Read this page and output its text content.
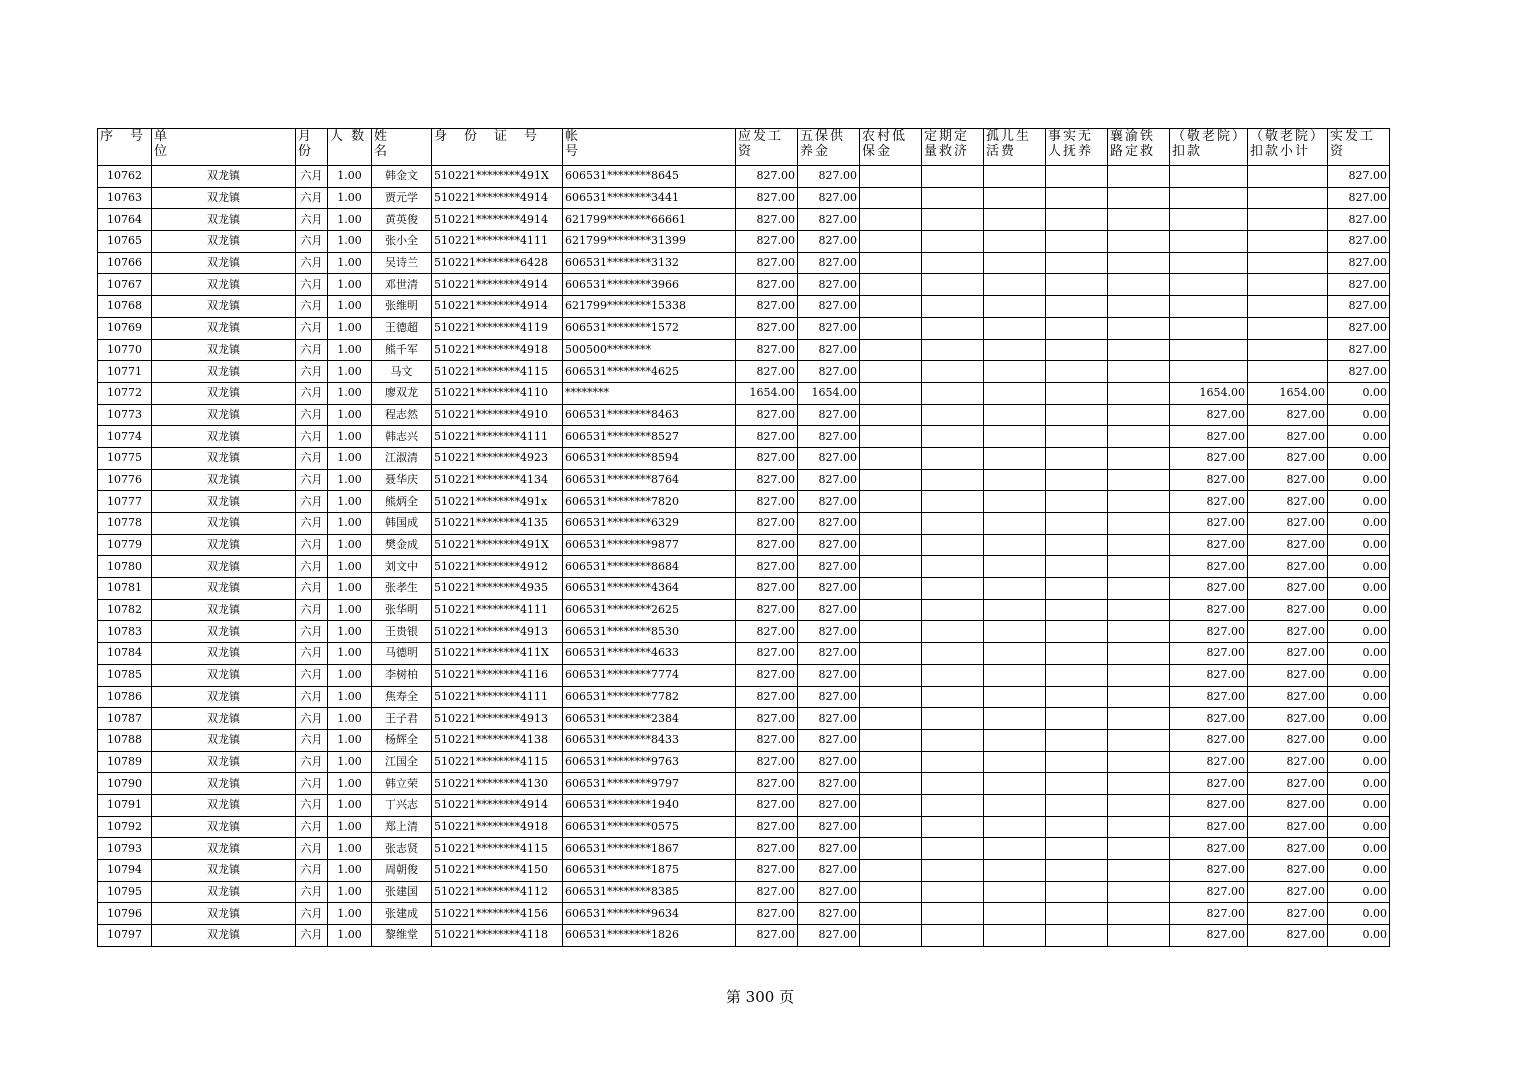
序　号	单　　　　　　　　位	月份	人 数	姓　　名	身　份　证　号	帐　　　　　　　　　　号	应发工资	五保供养金	农村低保金	定期定量救济	孤儿生活费	事实无人抚养	襄渝铁路定救	（敬老院）扣款	（敬老院）扣款小计	实发工资
10762	双龙镇	六月	1.00	韩金文	510221********491X	606531********8645	827.00	827.00								827.00
10763	双龙镇	六月	1.00	贾元学	510221********4914	606531********3441	827.00	827.00								827.00
10764	双龙镇	六月	1.00	黄英俊	510221********4914	621799********66661	827.00	827.00								827.00
10765	双龙镇	六月	1.00	张小全	510221********4111	621799********31399	827.00	827.00								827.00
10766	双龙镇	六月	1.00	吴诗兰	510221********6428	606531********3132	827.00	827.00								827.00
10767	双龙镇	六月	1.00	邓世清	510221********4914	606531********3966	827.00	827.00								827.00
10768	双龙镇	六月	1.00	张维明	510221********4914	621799********15338	827.00	827.00								827.00
10769	双龙镇	六月	1.00	王德超	510221********4119	606531********1572	827.00	827.00								827.00
10770	双龙镇	六月	1.00	熊千军	510221********4918	500500********	827.00	827.00								827.00
10771	双龙镇	六月	1.00	马文	510221********4115	606531********4625	827.00	827.00								827.00
10772	双龙镇	六月	1.00	廖双龙	510221********4110	********	1654.00	1654.00						1654.00	1654.00	0.00
10773	双龙镇	六月	1.00	程志然	510221********4910	606531********8463	827.00	827.00						827.00	827.00	0.00
10774	双龙镇	六月	1.00	韩志兴	510221********4111	606531********8527	827.00	827.00						827.00	827.00	0.00
10775	双龙镇	六月	1.00	江淑清	510221********4923	606531********8594	827.00	827.00						827.00	827.00	0.00
10776	双龙镇	六月	1.00	聂华庆	510221********4134	606531********8764	827.00	827.00						827.00	827.00	0.00
10777	双龙镇	六月	1.00	熊炳全	510221********491x	606531********7820	827.00	827.00						827.00	827.00	0.00
10778	双龙镇	六月	1.00	韩国成	510221********4135	606531********6329	827.00	827.00						827.00	827.00	0.00
10779	双龙镇	六月	1.00	樊金成	510221********491X	606531********9877	827.00	827.00						827.00	827.00	0.00
10780	双龙镇	六月	1.00	刘文中	510221********4912	606531********8684	827.00	827.00						827.00	827.00	0.00
10781	双龙镇	六月	1.00	张孝生	510221********4935	606531********4364	827.00	827.00						827.00	827.00	0.00
10782	双龙镇	六月	1.00	张华明	510221********4111	606531********2625	827.00	827.00						827.00	827.00	0.00
10783	双龙镇	六月	1.00	王贵银	510221********4913	606531********8530	827.00	827.00						827.00	827.00	0.00
10784	双龙镇	六月	1.00	马德明	510221********411X	606531********4633	827.00	827.00						827.00	827.00	0.00
10785	双龙镇	六月	1.00	李树柏	510221********4116	606531********7774	827.00	827.00						827.00	827.00	0.00
10786	双龙镇	六月	1.00	焦寿全	510221********4111	606531********7782	827.00	827.00						827.00	827.00	0.00
10787	双龙镇	六月	1.00	王子君	510221********4913	606531********2384	827.00	827.00						827.00	827.00	0.00
10788	双龙镇	六月	1.00	杨辉全	510221********4138	606531********8433	827.00	827.00						827.00	827.00	0.00
10789	双龙镇	六月	1.00	江国全	510221********4115	606531********9763	827.00	827.00						827.00	827.00	0.00
10790	双龙镇	六月	1.00	韩立荣	510221********4130	606531********9797	827.00	827.00						827.00	827.00	0.00
10791	双龙镇	六月	1.00	丁兴志	510221********4914	606531********1940	827.00	827.00						827.00	827.00	0.00
10792	双龙镇	六月	1.00	郑上清	510221********4918	606531********0575	827.00	827.00						827.00	827.00	0.00
10793	双龙镇	六月	1.00	张志贤	510221********4115	606531********1867	827.00	827.00						827.00	827.00	0.00
10794	双龙镇	六月	1.00	周朝俊	510221********4150	606531********1875	827.00	827.00						827.00	827.00	0.00
10795	双龙镇	六月	1.00	张建国	510221********4112	606531********8385	827.00	827.00						827.00	827.00	0.00
10796	双龙镇	六月	1.00	张建成	510221********4156	606531********9634	827.00	827.00						827.00	827.00	0.00
10797	双龙镇	六月	1.00	黎维堂	510221********4118	606531********1826	827.00	827.00						827.00	827.00	0.00
第 300 页
